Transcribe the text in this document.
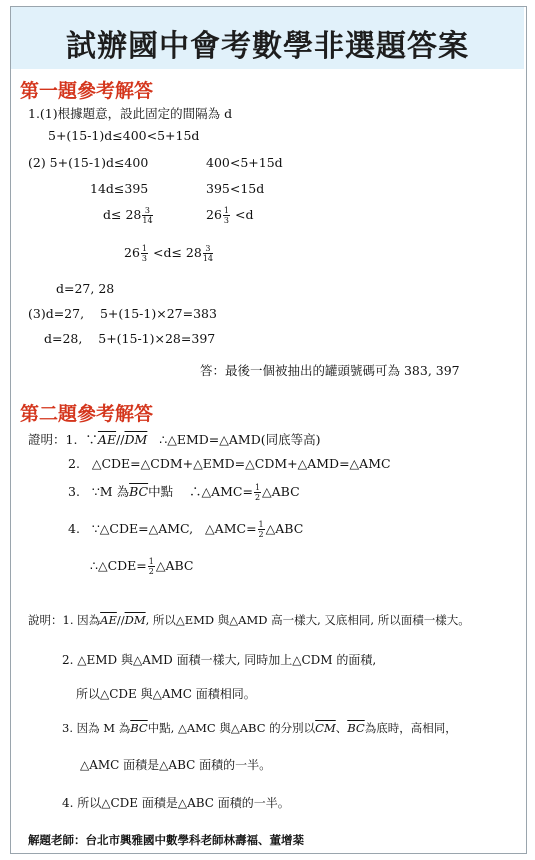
試辦國中會考數學非選題答案
第一題參考解答
1.(1)根據題意，設此固定的間隔為 d
5+(15-1)d≤400<5+15d
(2) 5+(15-1)d≤400	400<5+15d
14d≤395	395<15d
$d\le 28 \frac{3}{14}$	$26 \frac{1}{3} <d$
$26 \frac{1}{3} <d\le 28 \frac{3}{14}$
d=27, 28
(3)d=27,    5+(15-1)×27=383
d=28,    5+(15-1)×28=397
答：最後一個被抽出的罐頭號碼可為 383, 397
第二題參考解答
證明：1. $\because\overline{AE}//\overline{DM}$   ∴△EMD=△AMD(同底等高)
2.   △CDE=△CDM+△EMD=△CDM+△AMD=△AMC
3. ∵M 為$\overline{BC}$中點    ∴△AMC= $\frac{1}{2}$ △ABC
4. ∵△CDE=△AMC,   △AMC= $\frac{1}{2}$ △ABC
∴△CDE= $\frac{1}{2}$ △ABC
說明：1. 因為$\overline{AE}//\overline{DM}$, 所以△EMD 與△AMD 高一樣大, 又底相同, 所以面積一樣大。
2. △EMD 與△AMD 面積一樣大, 同時加上△CDM 的面積,
所以△CDE 與△AMC 面積相同。
3. 因為 M 為$\overline{BC}$中點, △AMC 與△ABC 的分別以$\overline{CM}$、$\overline{BC}$為底時，高相同，
△AMC 面積是△ABC 面積的一半。
4. 所以△CDE 面積是△ABC 面積的一半。
解題老師：台北市興雅國中數學科老師林壽福、董增棻
